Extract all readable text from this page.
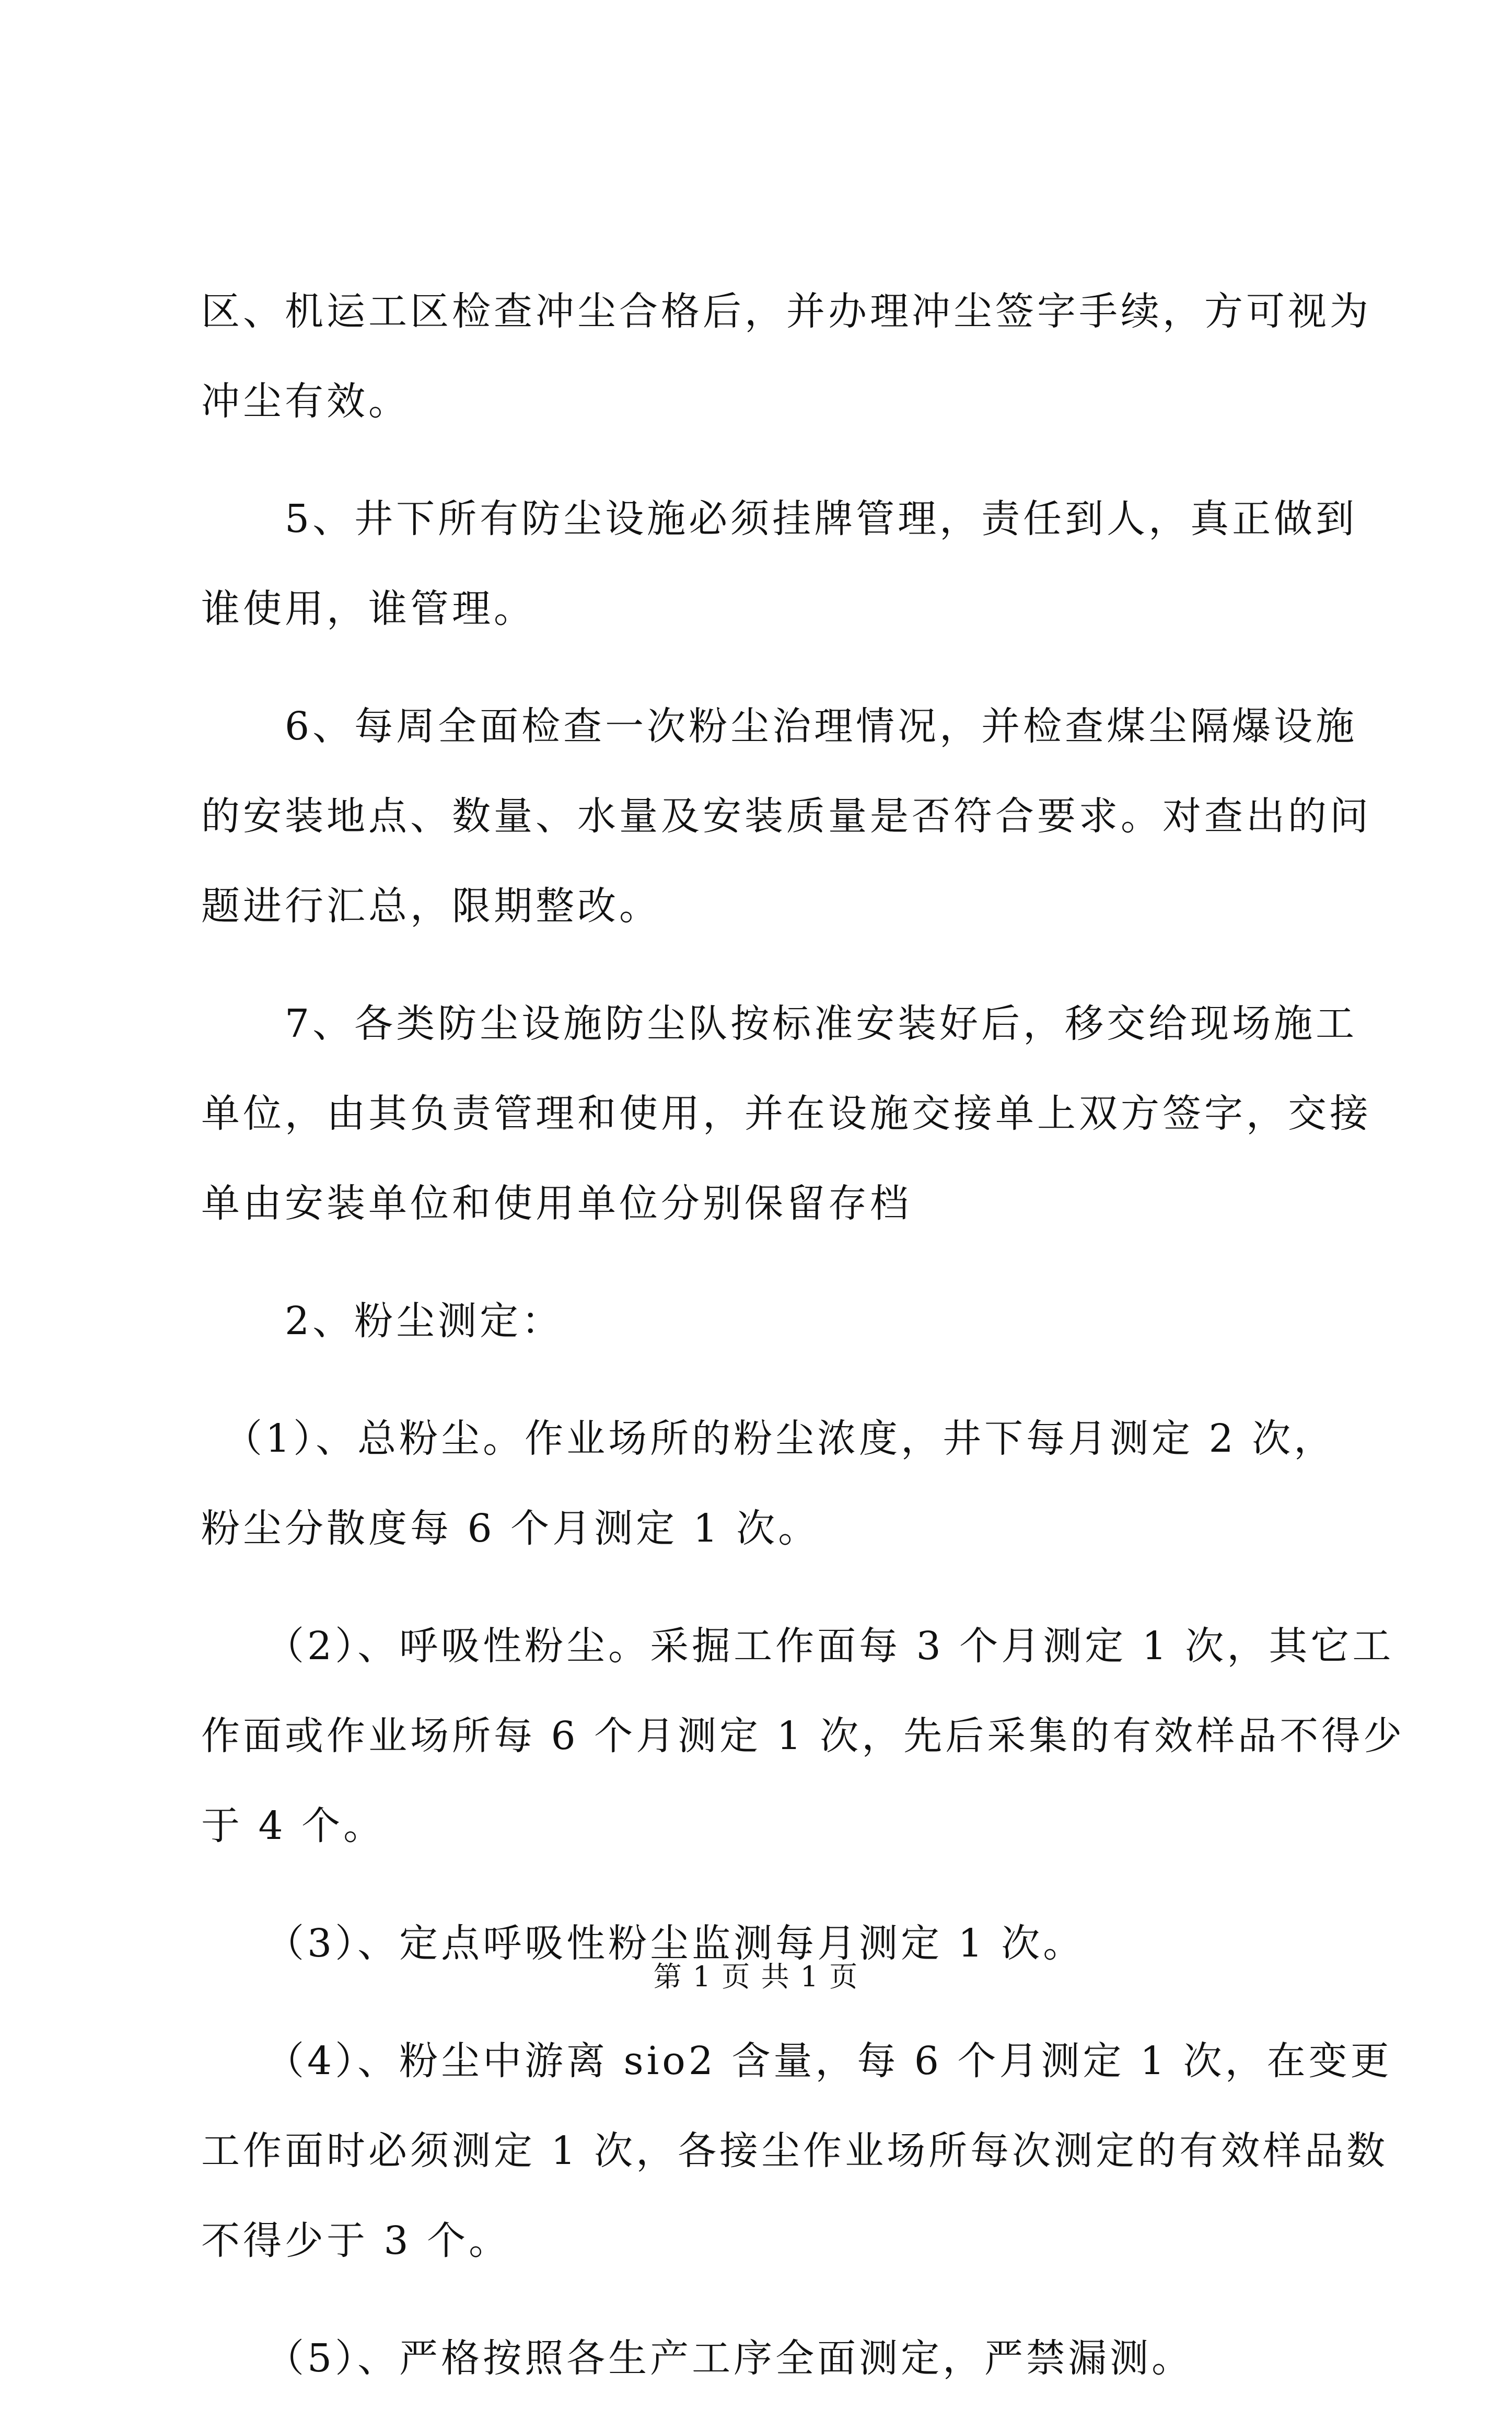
区、机运工区检查冲尘合格后，并办理冲尘签字手续，方可视为
冲尘有效。

　　5、井下所有防尘设施必须挂牌管理，责任到人，真正做到
谁使用，谁管理。

　　6、每周全面检查一次粉尘治理情况，并检查煤尘隔爆设施
的安装地点、数量、水量及安装质量是否符合要求。对查出的问
题进行汇总，限期整改。

　　7、各类防尘设施防尘队按标准安装好后，移交给现场施工
单位，由其负责管理和使用，并在设施交接单上双方签字，交接
单由安装单位和使用单位分别保留存档

　　2、粉尘测定：

　（1）、总粉尘。作业场所的粉尘浓度，井下每月测定 2 次，
粉尘分散度每 6 个月测定 1 次。

　　（2）、呼吸性粉尘。采掘工作面每 3 个月测定 1 次，其它工
作面或作业场所每 6 个月测定 1 次，先后采集的有效样品不得少
于 4 个。

　　（3）、定点呼吸性粉尘监测每月测定 1 次。

　　（4）、粉尘中游离 sio2 含量，每 6 个月测定 1 次，在变更
工作面时必须测定 1 次，各接尘作业场所每次测定的有效样品数
不得少于 3 个。

　　（5）、严格按照各生产工序全面测定，严禁漏测。

第 1 页 共 1 页
